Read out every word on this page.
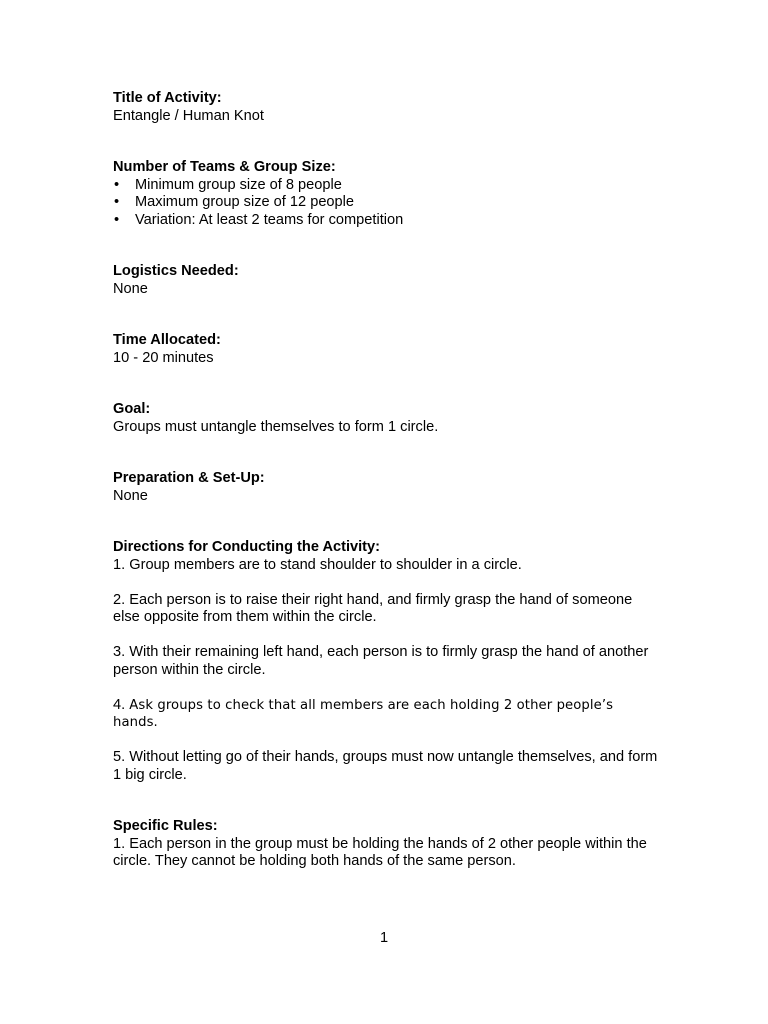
Title of Activity:
Entangle / Human Knot
Number of Teams & Group Size:
• Minimum group size of 8 people
• Maximum group size of 12 people
• Variation: At least 2 teams for competition
Logistics Needed:
None
Time Allocated:
10 - 20 minutes
Goal:
Groups must untangle themselves to form 1 circle.
Preparation & Set-Up:
None
Directions for Conducting the Activity:
1. Group members are to stand shoulder to shoulder in a circle.
2. Each person is to raise their right hand, and firmly grasp the hand of someone else opposite from them within the circle.
3. With their remaining left hand, each person is to firmly grasp the hand of another person within the circle.
4. Ask groups to check that all members are each holding 2 other people’s hands.
5. Without letting go of their hands, groups must now untangle themselves, and form 1 big circle.
Specific Rules:
1. Each person in the group must be holding the hands of 2 other people within the circle. They cannot be holding both hands of the same person.
1
